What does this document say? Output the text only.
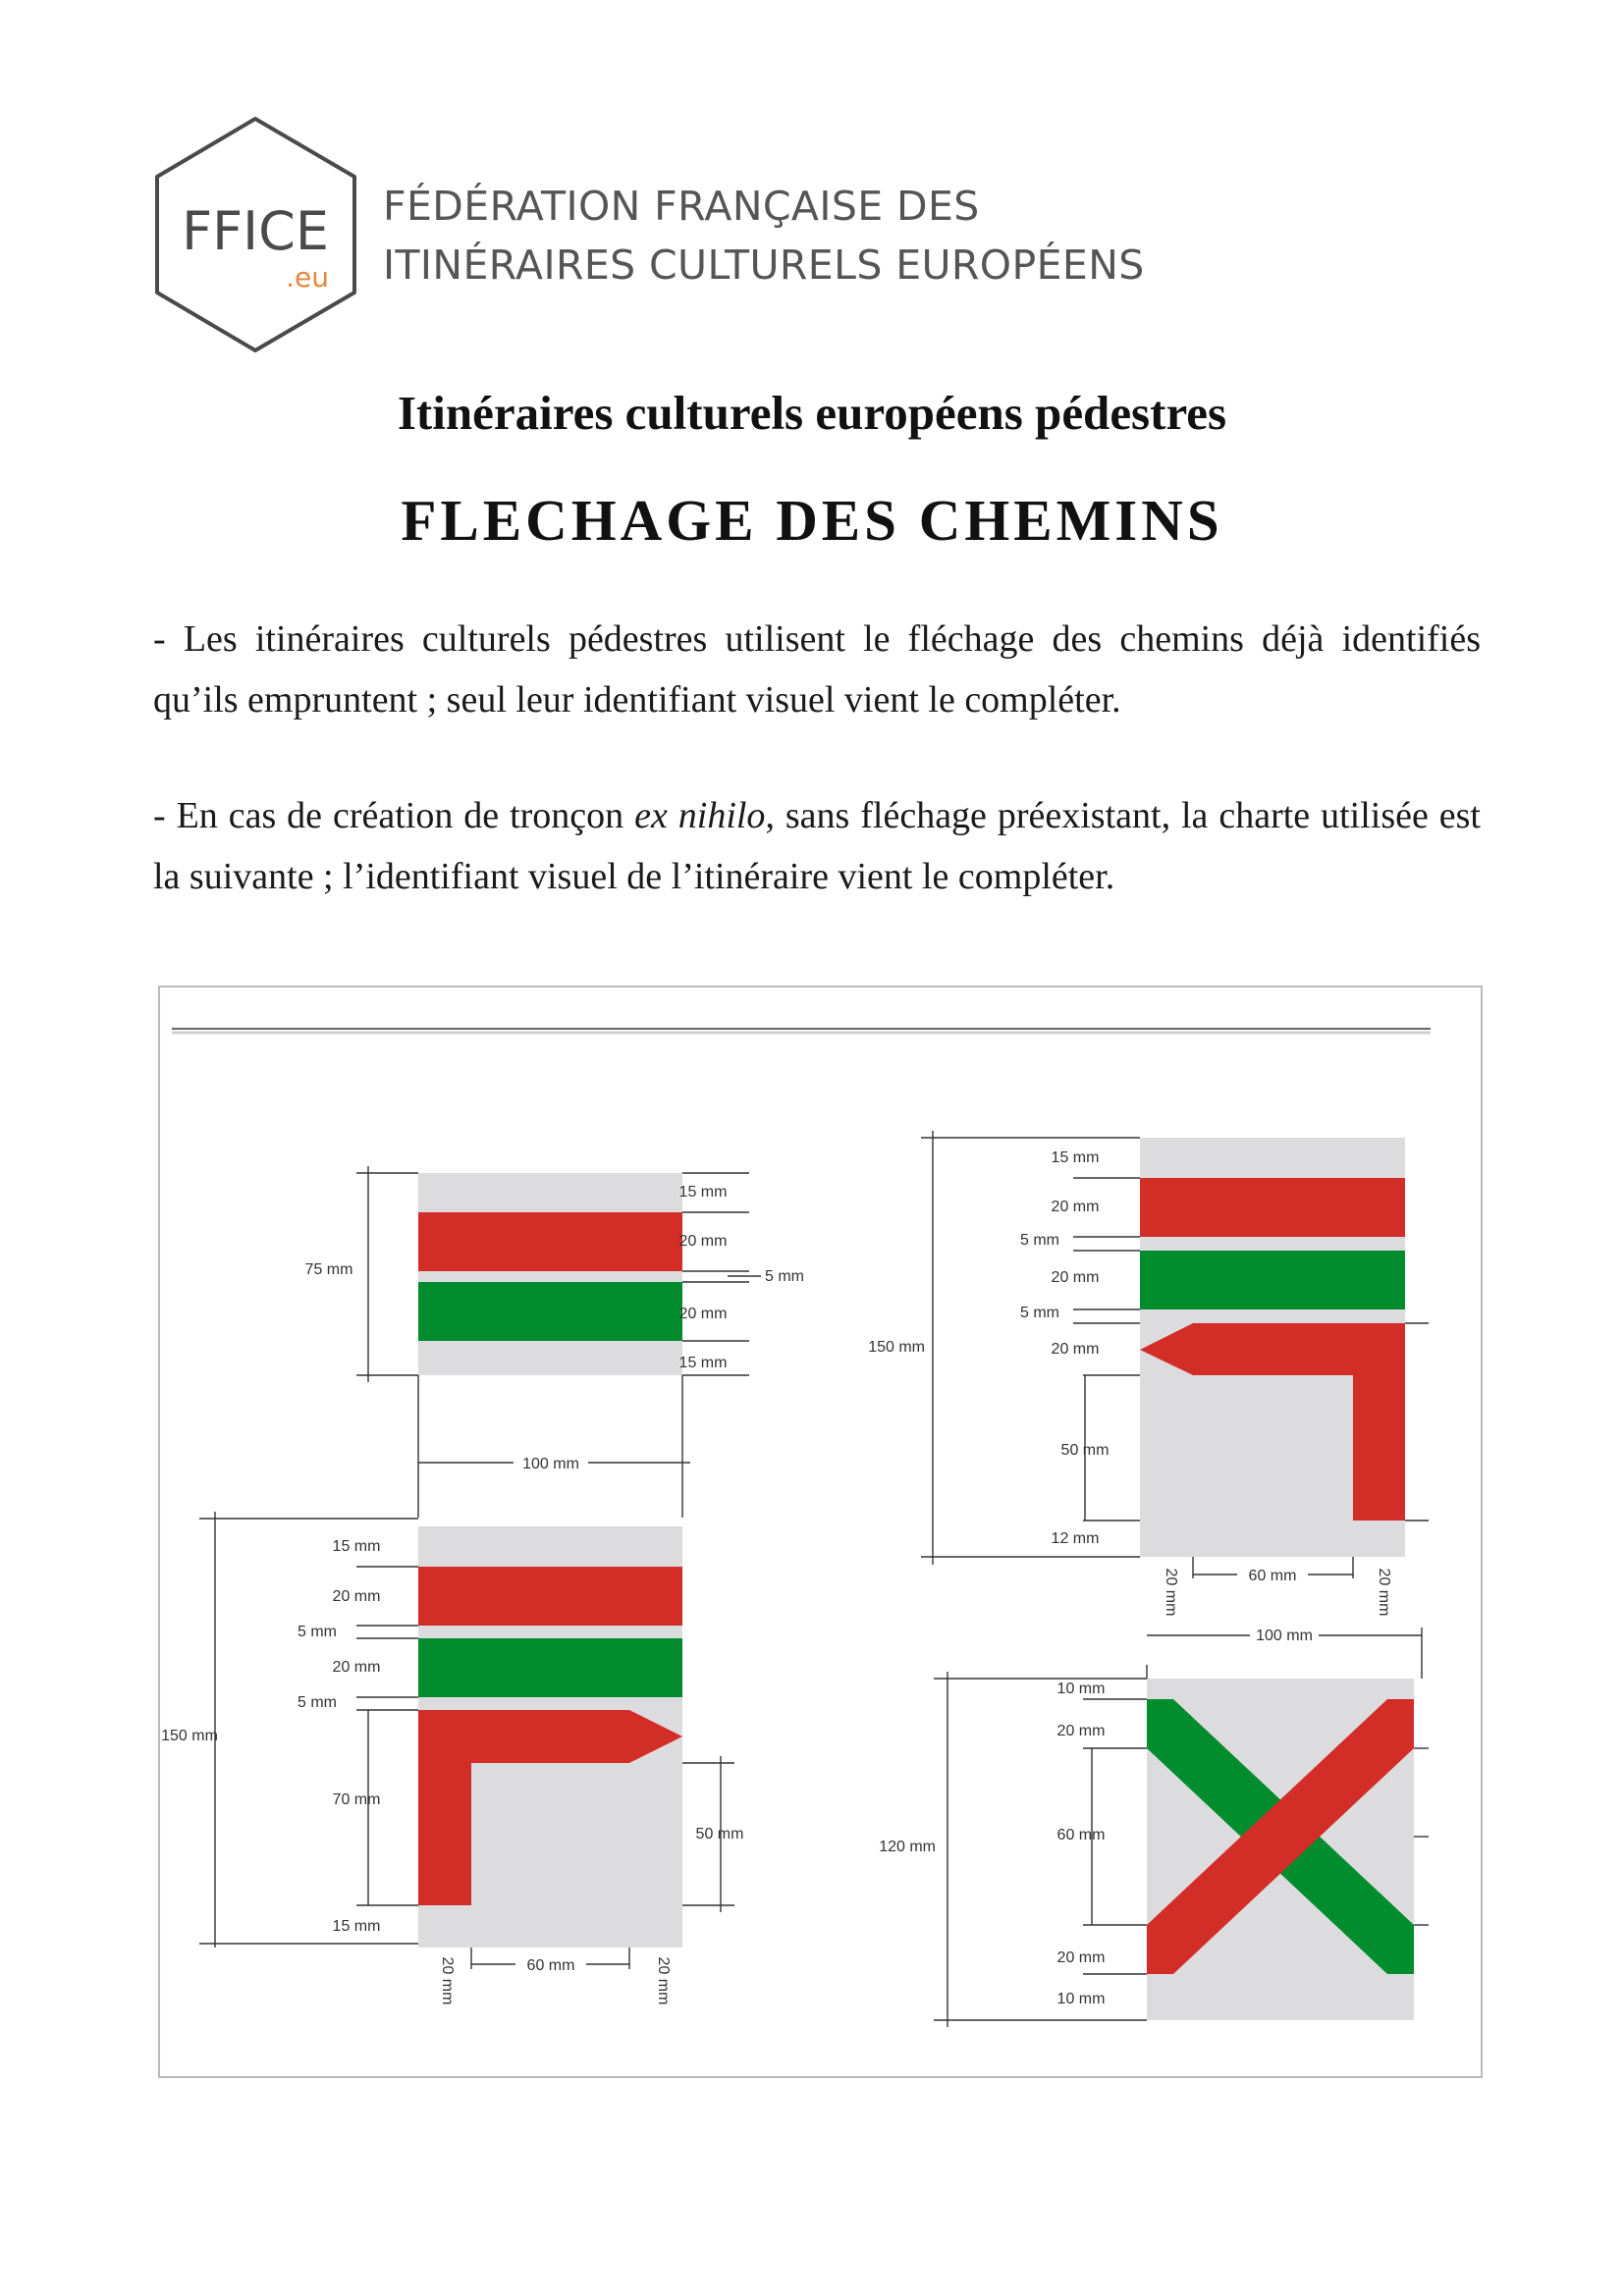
FFICE
.eu
FÉDÉRATION FRANÇAISE DES
ITINÉRAIRES CULTURELS EUROPÉENS
Itinéraires culturels européens pédestres
FLECHAGE DES CHEMINS
- Les itinéraires culturels pédestres utilisent le fléchage des chemins déjà identifiés qu’ils empruntent ; seul leur identifiant visuel vient le compléter.
- En cas de création de tronçon ex nihilo, sans fléchage préexistant, la charte utilisée est la suivante ; l’identifiant visuel de l’itinéraire vient le compléter.
75 mm
15 mm
20 mm
5 mm
20 mm
15 mm
100 mm
150 mm
15 mm
20 mm
5 mm
20 mm
5 mm
70 mm
15 mm
50 mm
60 mm
20 mm	20 mm
150 mm
15 mm
20 mm
5 mm
20 mm
5 mm
20 mm
50 mm
12 mm
60 mm
20 mm	20 mm
100 mm
120 mm
10 mm
20 mm
60 mm
20 mm
10 mm
